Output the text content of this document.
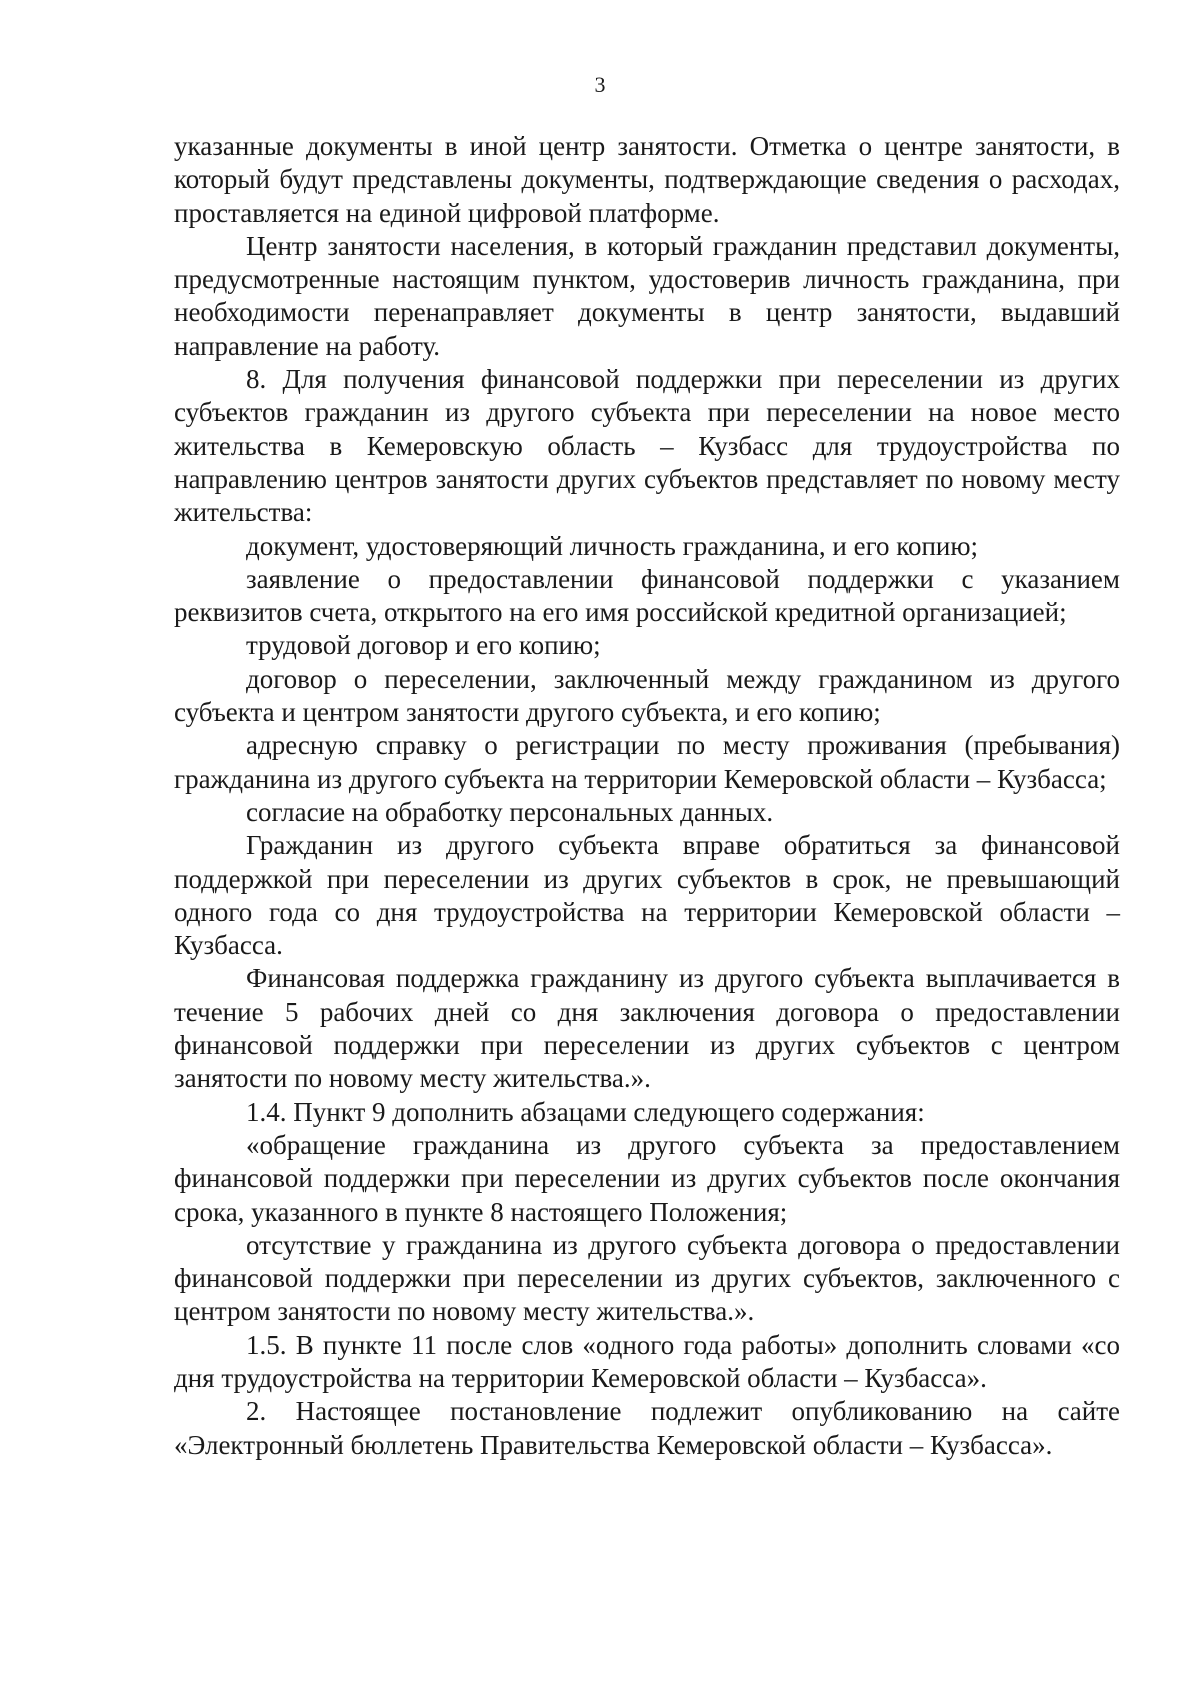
3

указанные документы в иной центр занятости. Отметка о центре занятости, в который будут представлены документы, подтверждающие сведения о расходах, проставляется на единой цифровой платформе.

Центр занятости населения, в который гражданин представил документы, предусмотренные настоящим пунктом, удостоверив личность гражданина, при необходимости перенаправляет документы в центр занятости, выдавший направление на работу.

8. Для получения финансовой поддержки при переселении из других субъектов гражданин из другого субъекта при переселении на новое место жительства в Кемеровскую область – Кузбасс для трудоустройства по направлению центров занятости других субъектов представляет по новому месту жительства:

документ, удостоверяющий личность гражданина, и его копию;

заявление о предоставлении финансовой поддержки с указанием реквизитов счета, открытого на его имя российской кредитной организацией;

трудовой договор и его копию;

договор о переселении, заключенный между гражданином из другого субъекта и центром занятости другого субъекта, и его копию;

адресную справку о регистрации по месту проживания (пребывания) гражданина из другого субъекта на территории Кемеровской области – Кузбасса;

согласие на обработку персональных данных.

Гражданин из другого субъекта вправе обратиться за финансовой поддержкой при переселении из других субъектов в срок, не превышающий одного года со дня трудоустройства на территории Кемеровской области – Кузбасса.

Финансовая поддержка гражданину из другого субъекта выплачивается в течение 5 рабочих дней со дня заключения договора о предоставлении финансовой поддержки при переселении из других субъектов с центром занятости по новому месту жительства.».

1.4. Пункт 9 дополнить абзацами следующего содержания:

«обращение гражданина из другого субъекта за предоставлением финансовой поддержки при переселении из других субъектов после окончания срока, указанного в пункте 8 настоящего Положения;

отсутствие у гражданина из другого субъекта договора о предоставлении финансовой поддержки при переселении из других субъектов, заключенного с центром занятости по новому месту жительства.».

1.5. В пункте 11 после слов «одного года работы» дополнить словами «со дня трудоустройства на территории Кемеровской области – Кузбасса».

2. Настоящее постановление подлежит опубликованию на сайте «Электронный бюллетень Правительства Кемеровской области – Кузбасса».
